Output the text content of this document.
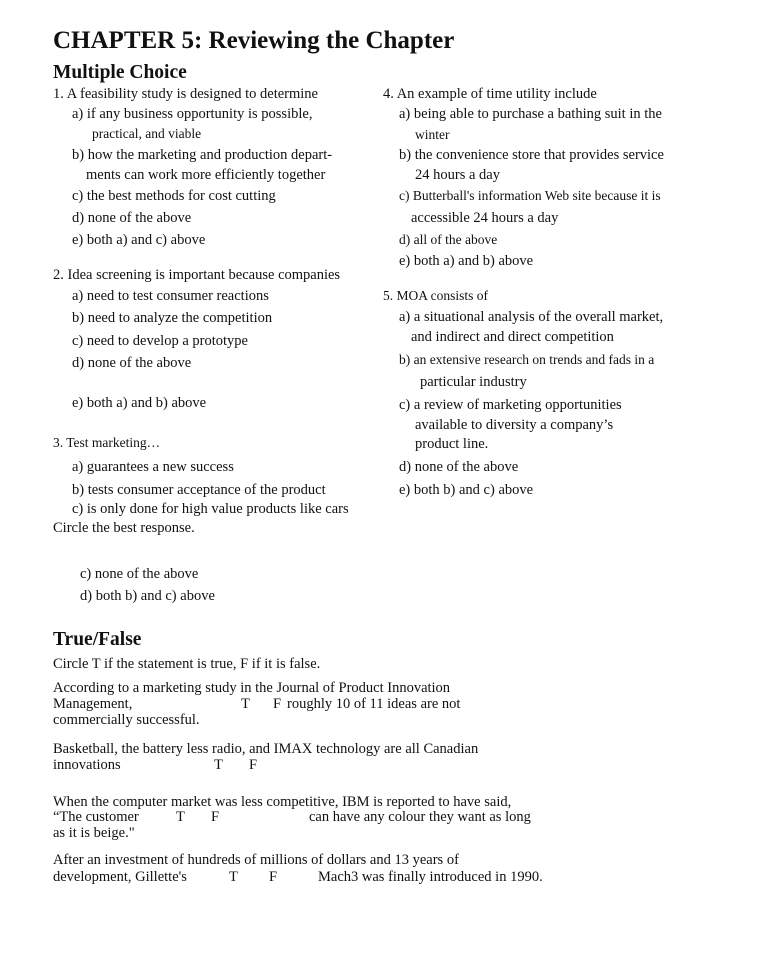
CHAPTER 5: Reviewing the Chapter
Multiple Choice
1. A feasibility study is designed to determine
a) if any business opportunity is possible,
practical, and viable
b) how the marketing and production depart-
ments can work more efficiently together
c) the best methods for cost cutting
d) none of the above
e) both a) and c) above
2. Idea screening is important because companies
a) need to test consumer reactions
b) need to analyze the competition
c) need to develop a prototype
d) none of the above
e) both a) and b) above
3. Test marketing…
a) guarantees a new success
b) tests consumer acceptance of the product
c) is only done for high value products like cars
Circle the best response.
c) none of the above
d) both b) and c) above
4. An example of time utility include
a) being able to purchase a bathing suit in the
winter
b) the convenience store that provides service
24 hours a day
c) Butterball's information Web site because it is
accessible 24 hours a day
d) all of the above
e) both a) and b) above
5. MOA consists of
a) a situational analysis of the overall market,
and indirect and direct competition
b) an extensive research on trends and fads in a
particular industry
c) a review of marketing opportunities
available to diversity a company’s
product line.
d) none of the above
e) both b) and c) above
True/False
Circle T if the statement is true, F if it is false.
According to a marketing study in the Journal of Product Innovation
Management,	T F roughly 10 of 11 ideas are not
commercially successful.
Basketball, the battery less radio, and IMAX technology are all Canadian
innovations	T F
When the computer market was less competitive, IBM is reported to have said,
“The customer	T F	can have any colour they want as long
as it is beige."
After an investment of hundreds of millions of dollars and 13 years of
development, Gillette's	T F	Mach3 was finally introduced in 1990.
